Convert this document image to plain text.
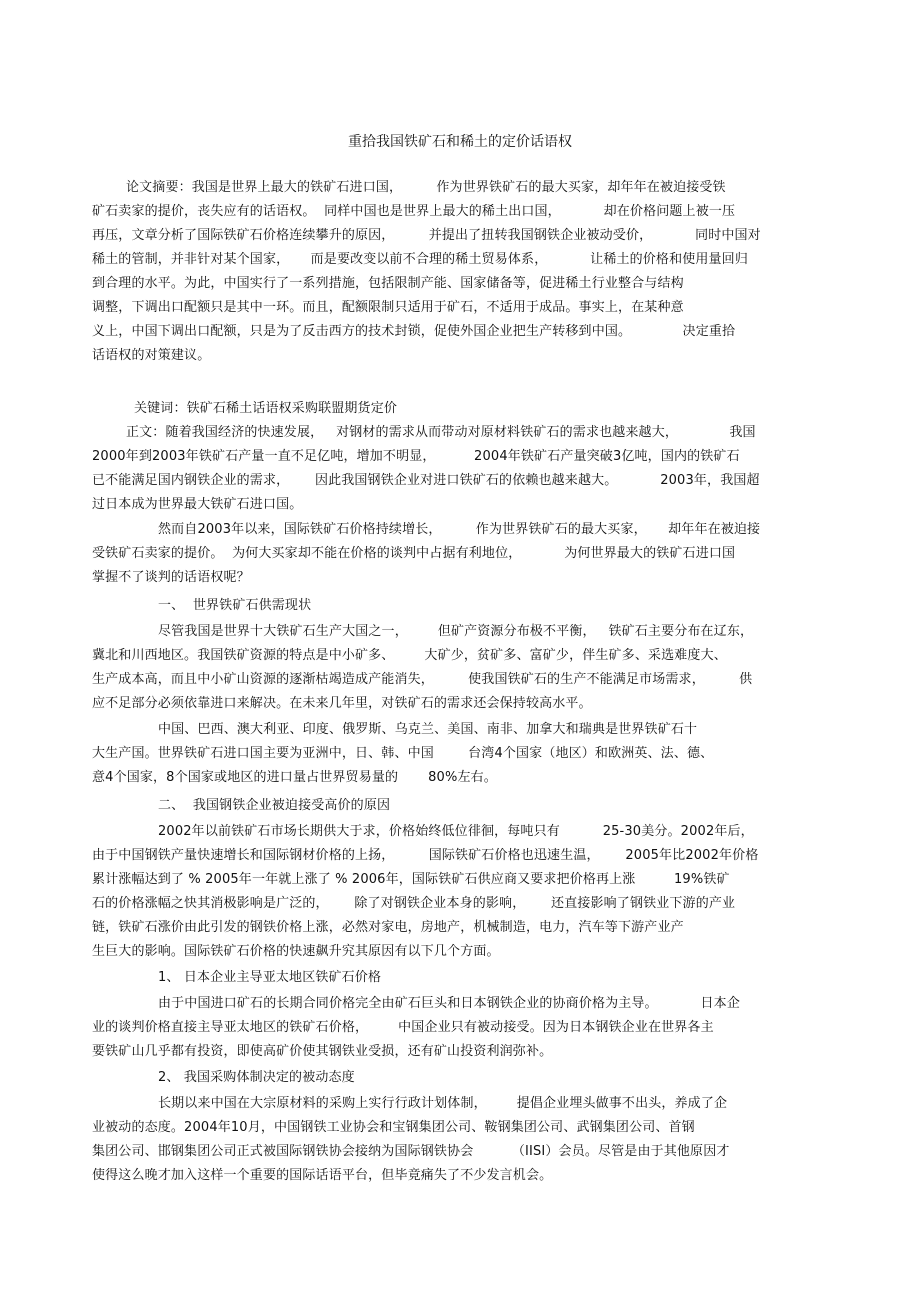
重拾我国铁矿石和稀土的定价话语权
论文摘要：我国是世界上最大的铁矿石进口国，        作为世界铁矿石的最大买家，却年年在被迫接受铁
矿石卖家的提价，丧失应有的话语权。  同样中国也是世界上最大的稀土出口国，          却在价格问题上被一压
再压，文章分析了国际铁矿石价格连续攀升的原因，        并提出了扭转我国钢铁企业被动受价，          同时中国对
稀土的管制，并非针对某个国家，     而是要改变以前不合理的稀土贸易体系，          让稀土的价格和使用量回归
到合理的水平。为此，中国实行了一系列措施，包括限制产能、国家储备等，促进稀土行业整合与结构
调整，下调出口配额只是其中一环。而且，配额限制只适用于矿石，不适用于成品。事实上，在某种意
义上，中国下调出口配额，只是为了反击西方的技术封锁，促使外国企业把生产转移到中国。            决定重拾
话语权的对策建议。
关键词：铁矿石稀土话语权采购联盟期货定价
正文：随着我国经济的快速发展，   对钢材的需求从而带动对原材料铁矿石的需求也越来越大，            我国
2000年到2003年铁矿石产量一直不足亿吨，增加不明显，         2004年铁矿石产量突破3亿吨，国内的铁矿石
已不能满足国内钢铁企业的需求，      因此我国钢铁企业对进口铁矿石的依赖也越来越大。          2003年，我国超
过日本成为世界最大铁矿石进口国。
然而自2003年以来，国际铁矿石价格持续增长，        作为世界铁矿石的最大买家，     却年年在被迫接
受铁矿石卖家的提价。  为何大买家却不能在价格的谈判中占据有利地位，          为何世界最大的铁矿石进口国
掌握不了谈判的话语权呢？
一、  世界铁矿石供需现状
尽管我国是世界十大铁矿石生产大国之一，       但矿产资源分布极不平衡，   铁矿石主要分布在辽东，
冀北和川西地区。我国铁矿资源的特点是中小矿多、       大矿少，贫矿多、富矿少，伴生矿多、采选难度大、
生产成本高，而且中小矿山资源的逐渐枯竭造成产能消失，        使我国铁矿石的生产不能满足市场需求，        供
应不足部分必须依靠进口来解决。在未来几年里，对铁矿石的需求还会保持较高水平。
中国、巴西、澳大利亚、印度、俄罗斯、乌克兰、美国、南非、加拿大和瑞典是世界铁矿石十
大生产国。世界铁矿石进口国主要为亚洲中，日、韩、中国        台湾4个国家（地区）和欧洲英、法、德、
意4个国家，8个国家或地区的进口量占世界贸易量的       80%左右。
二、  我国钢铁企业被迫接受高价的原因
2002年以前铁矿石市场长期供大于求，价格始终低位徘徊，每吨只有          25-30美分。2002年后，
由于中国钢铁产量快速增长和国际钢材价格的上扬，        国际铁矿石价格也迅速生温，      2005年比2002年价格
累计涨幅达到了 % 2005年一年就上涨了 % 2006年，国际铁矿石供应商又要求把价格再上涨         19%铁矿
石的价格涨幅之快其消极影响是广泛的，      除了对钢铁企业本身的影响，      还直接影响了钢铁业下游的产业
链，铁矿石涨价由此引发的钢铁价格上涨，必然对家电，房地产，机械制造，电力，汽车等下游产业产
生巨大的影响。国际铁矿石价格的快速飙升究其原因有以下几个方面。
1、 日本企业主导亚太地区铁矿石价格
由于中国进口矿石的长期合同价格完全由矿石巨头和日本钢铁企业的协商价格为主导。          日本企
业的谈判价格直接主导亚太地区的铁矿石价格，       中国企业只有被动接受。因为日本钢铁企业在世界各主
要铁矿山几乎都有投资，即使高矿价使其钢铁业受损，还有矿山投资利润弥补。
2、 我国采购体制决定的被动态度
长期以来中国在大宗原材料的采购上实行行政计划体制，       提倡企业埋头做事不出头，养成了企
业被动的态度。2004年10月，中国钢铁工业协会和宝钢集团公司、鞍钢集团公司、武钢集团公司、首钢
集团公司、邯钢集团公司正式被国际钢铁协会接纳为国际钢铁协会         （IISI）会员。尽管是由于其他原因才
使得这么晚才加入这样一个重要的国际话语平台，但毕竟痛失了不少发言机会。
